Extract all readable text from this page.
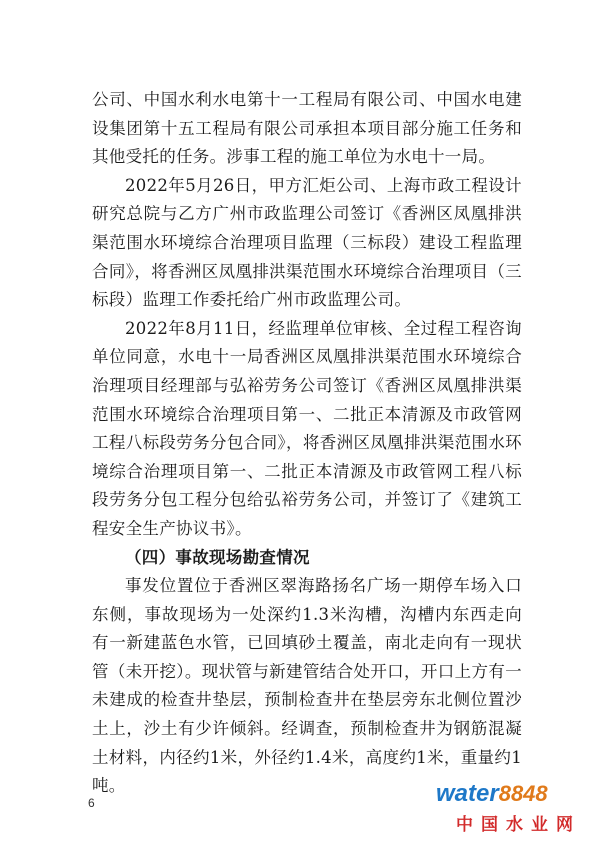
公司、中国水利水电第十一工程局有限公司、中国水电建设集团第十五工程局有限公司承担本项目部分施工任务和其他受托的任务。涉事工程的施工单位为水电十一局。

2022年5月26日，甲方汇炬公司、上海市政工程设计研究总院与乙方广州市政监理公司签订《香洲区凤凰排洪渠范围水环境综合治理项目监理（三标段）建设工程监理合同》，将香洲区凤凰排洪渠范围水环境综合治理项目（三标段）监理工作委托给广州市政监理公司。

2022年8月11日，经监理单位审核、全过程工程咨询单位同意，水电十一局香洲区凤凰排洪渠范围水环境综合治理项目经理部与弘裕劳务公司签订《香洲区凤凰排洪渠范围水环境综合治理项目第一、二批正本清源及市政管网工程八标段劳务分包合同》，将香洲区凤凰排洪渠范围水环境综合治理项目第一、二批正本清源及市政管网工程八标段劳务分包工程分包给弘裕劳务公司，并签订了《建筑工程安全生产协议书》。

（四）事故现场勘查情况

事发位置位于香洲区翠海路扬名广场一期停车场入口东侧，事故现场为一处深约1.3米沟槽，沟槽内东西走向有一新建蓝色水管，已回填砂土覆盖，南北走向有一现状管（未开挖）。现状管与新建管结合处开口，开口上方有一未建成的检查井垫层，预制检查井在垫层旁东北侧位置沙土上，沙土有少许倾斜。经调查，预制检查井为钢筋混凝土材料，内径约1米，外径约1.4米，高度约1米，重量约1吨。

6	water8848
中国水业网
